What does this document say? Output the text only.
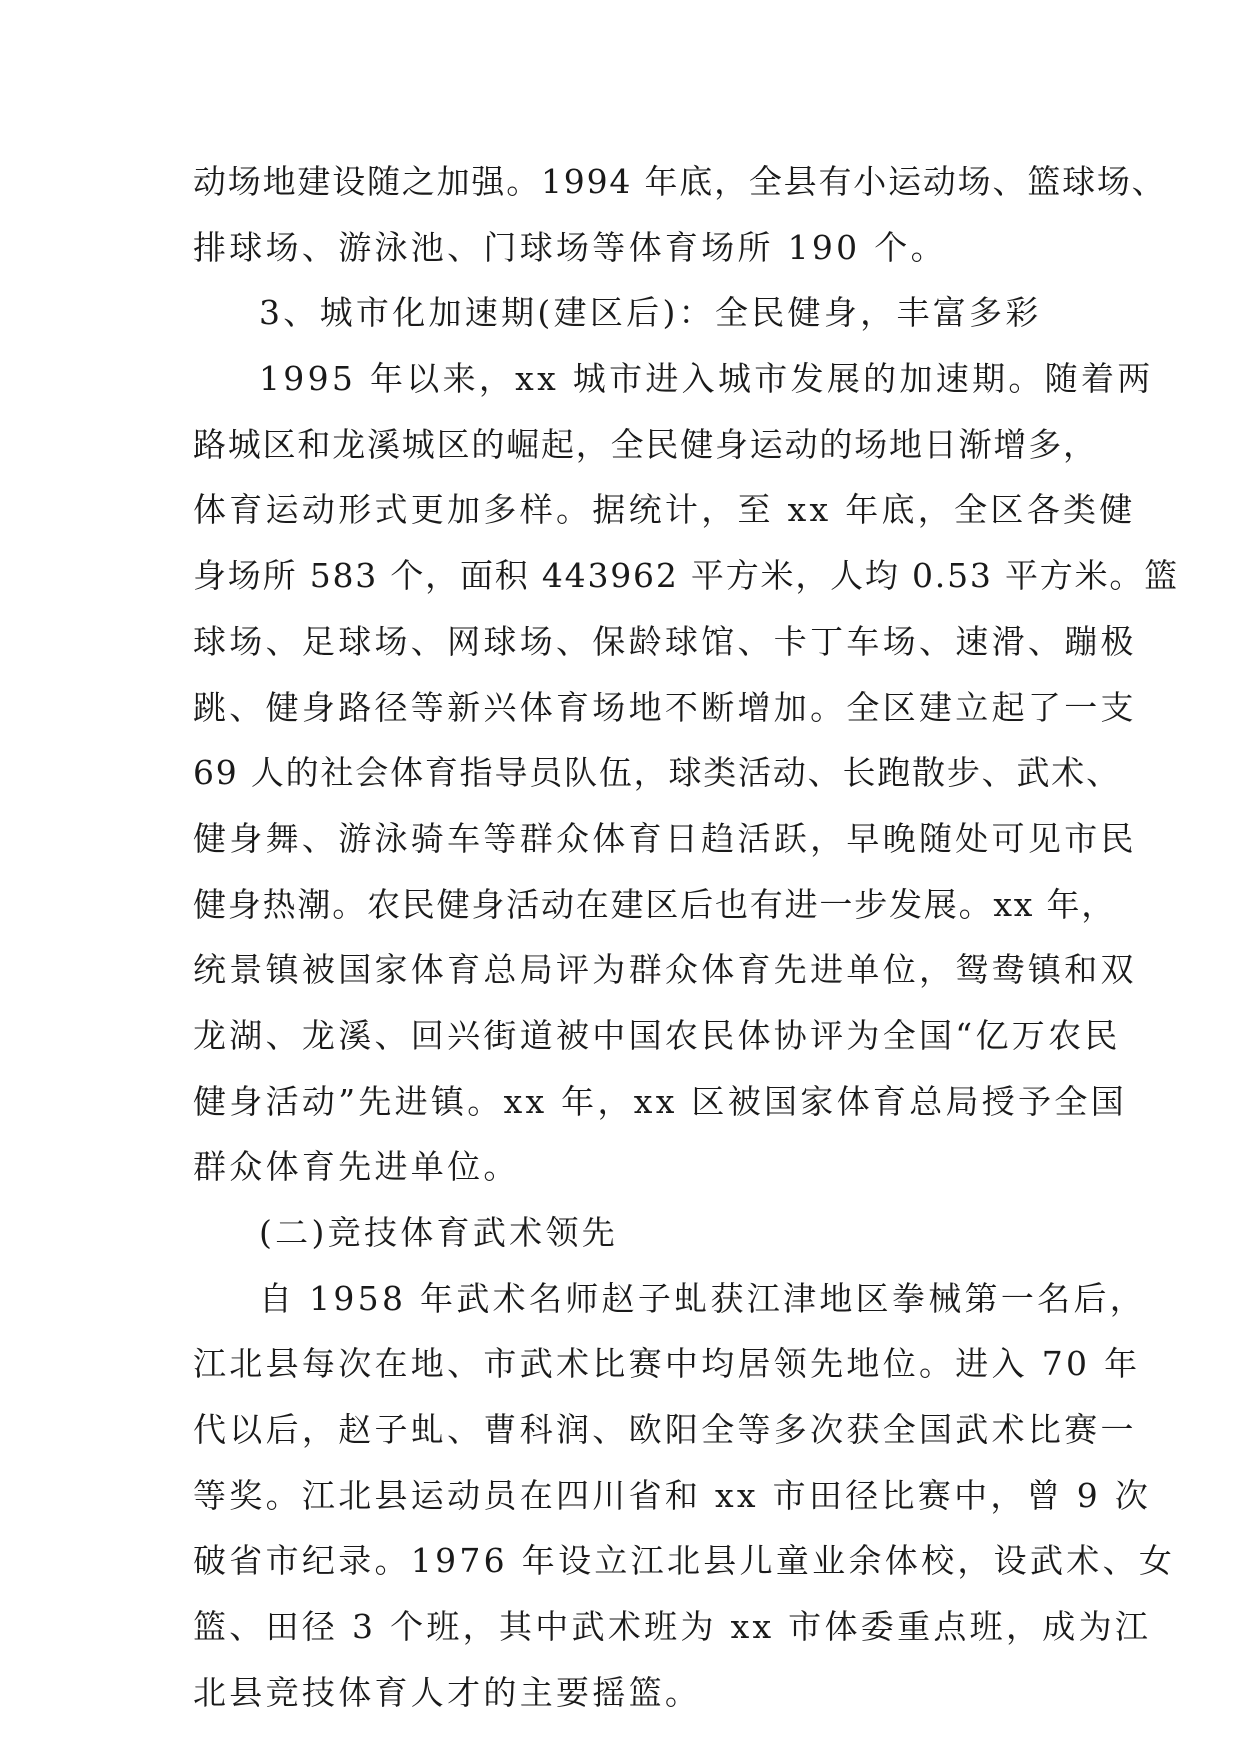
动场地建设随之加强。1994 年底，全县有小运动场、篮球场、
排球场、游泳池、门球场等体育场所 190 个。
3、城市化加速期(建区后)：全民健身，丰富多彩
1995 年以来，xx 城市进入城市发展的加速期。随着两
路城区和龙溪城区的崛起，全民健身运动的场地日渐增多，
体育运动形式更加多样。据统计，至 xx 年底，全区各类健
身场所 583 个，面积 443962 平方米，人均 0.53 平方米。篮
球场、足球场、网球场、保龄球馆、卡丁车场、速滑、蹦极
跳、健身路径等新兴体育场地不断增加。全区建立起了一支
69 人的社会体育指导员队伍，球类活动、长跑散步、武术、
健身舞、游泳骑车等群众体育日趋活跃，早晚随处可见市民
健身热潮。农民健身活动在建区后也有进一步发展。xx 年，
统景镇被国家体育总局评为群众体育先进单位，鸳鸯镇和双
龙湖、龙溪、回兴街道被中国农民体协评为全国“亿万农民
健身活动”先进镇。xx 年，xx 区被国家体育总局授予全国
群众体育先进单位。
(二)竞技体育武术领先
自 1958 年武术名师赵子虬获江津地区拳械第一名后，
江北县每次在地、市武术比赛中均居领先地位。进入 70 年
代以后，赵子虬、曹科润、欧阳全等多次获全国武术比赛一
等奖。江北县运动员在四川省和 xx 市田径比赛中，曾 9 次
破省市纪录。1976 年设立江北县儿童业余体校，设武术、女
篮、田径 3 个班，其中武术班为 xx 市体委重点班，成为江
北县竞技体育人才的主要摇篮。
